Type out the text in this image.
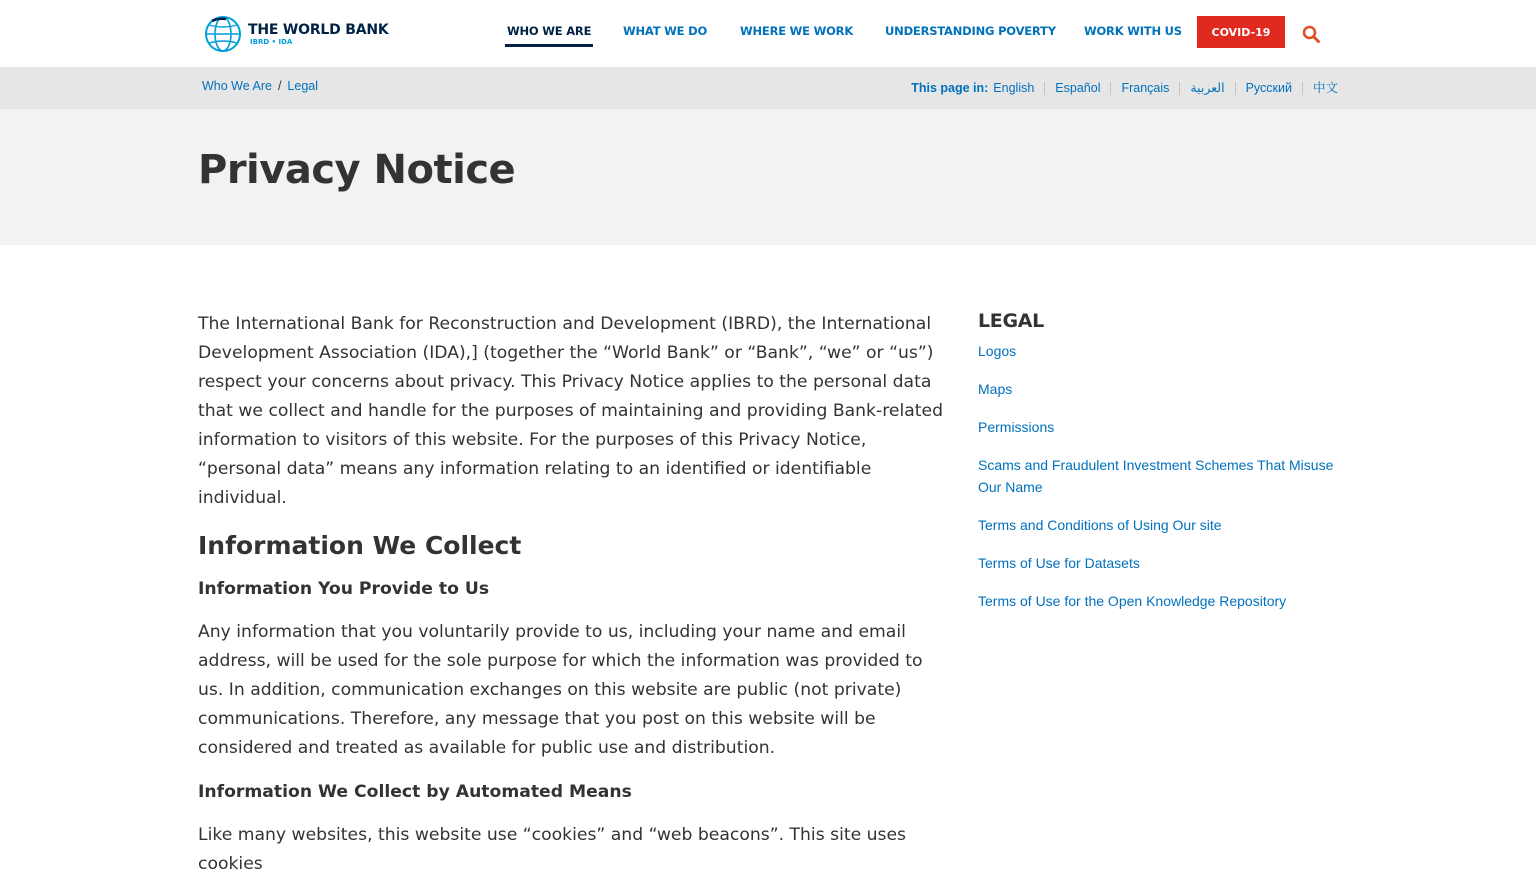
THE WORLD BANK
IBRD • IDA
WHO WE ARE	WHAT WE DO	WHERE WE WORK	UNDERSTANDING POVERTY WORK WITH US	COVID-19
Who We Are / Legal	This page in: English	Español	Français	العربية	Русский	中文
Privacy Notice

The International Bank for Reconstruction and Development (IBRD), the International Development Association (IDA),] (together the “World Bank” or “Bank”, “we” or “us”) respect your concerns about privacy. This Privacy Notice applies to the personal data that we collect and handle for the purposes of maintaining and providing Bank-related information to visitors of this website. For the purposes of this Privacy Notice, “personal data” means any information relating to an identified or identifiable individual.

Information We Collect
Information You Provide to Us

Any information that you voluntarily provide to us, including your name and email address, will be used for the sole purpose for which the information was provided to us. In addition, communication exchanges on this website are public (not private) communications. Therefore, any message that you post on this website will be considered and treated as available for public use and distribution.

Information We Collect by Automated Means

Like many websites, this website use “cookies” and “web beacons”. This site uses cookies

LEGAL
Logos
Maps
Permissions
Scams and Fraudulent Investment Schemes That Misuse Our Name
Terms and Conditions of Using Our site
Terms of Use for Datasets
Terms of Use for the Open Knowledge Repository
